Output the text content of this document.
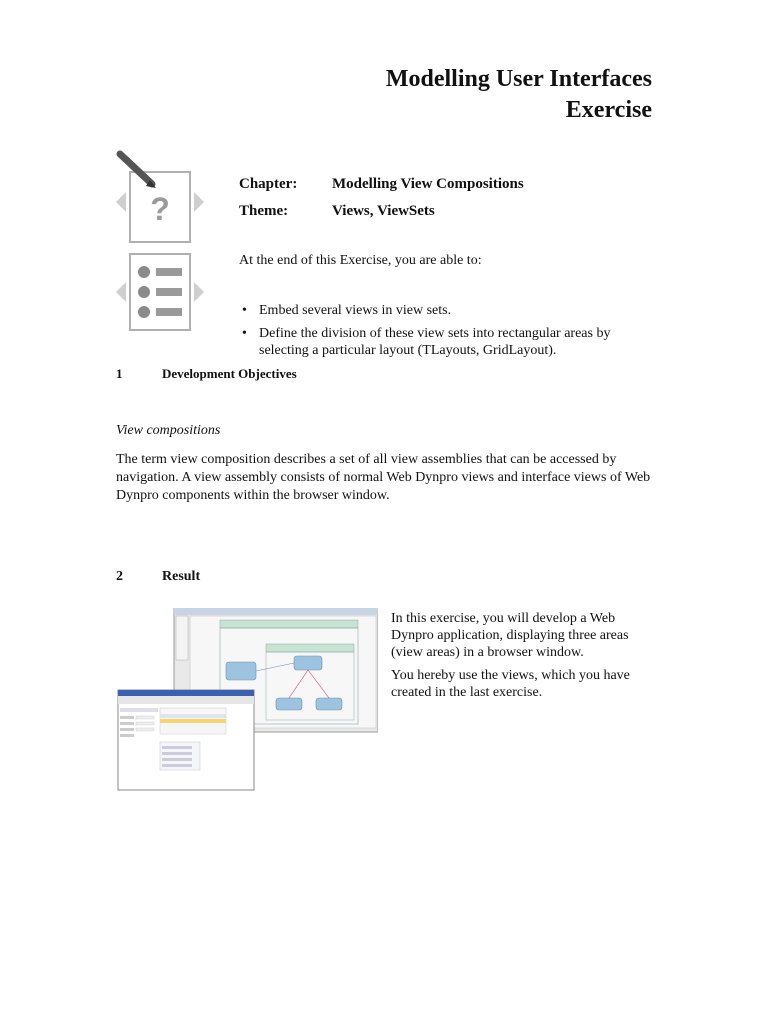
Modelling User Interfaces
Exercise
?
Chapter: Modelling View Compositions
Theme:	Views, ViewSets
At the end of this Exercise, you are able to:
• Embed several views in view sets.
• Define the division of these view sets into rectangular areas by selecting a particular layout (TLayouts, GridLayout).
1	Development Objectives
View compositions
The term view composition describes a set of all view assemblies that can be accessed by navigation. A view assembly consists of normal Web Dynpro views and interface views of Web Dynpro components within the browser window.
2	Result

In this exercise, you will develop a Web Dynpro application, displaying three areas (view areas) in a browser window.

You hereby use the views, which you have created in the last exercise.
